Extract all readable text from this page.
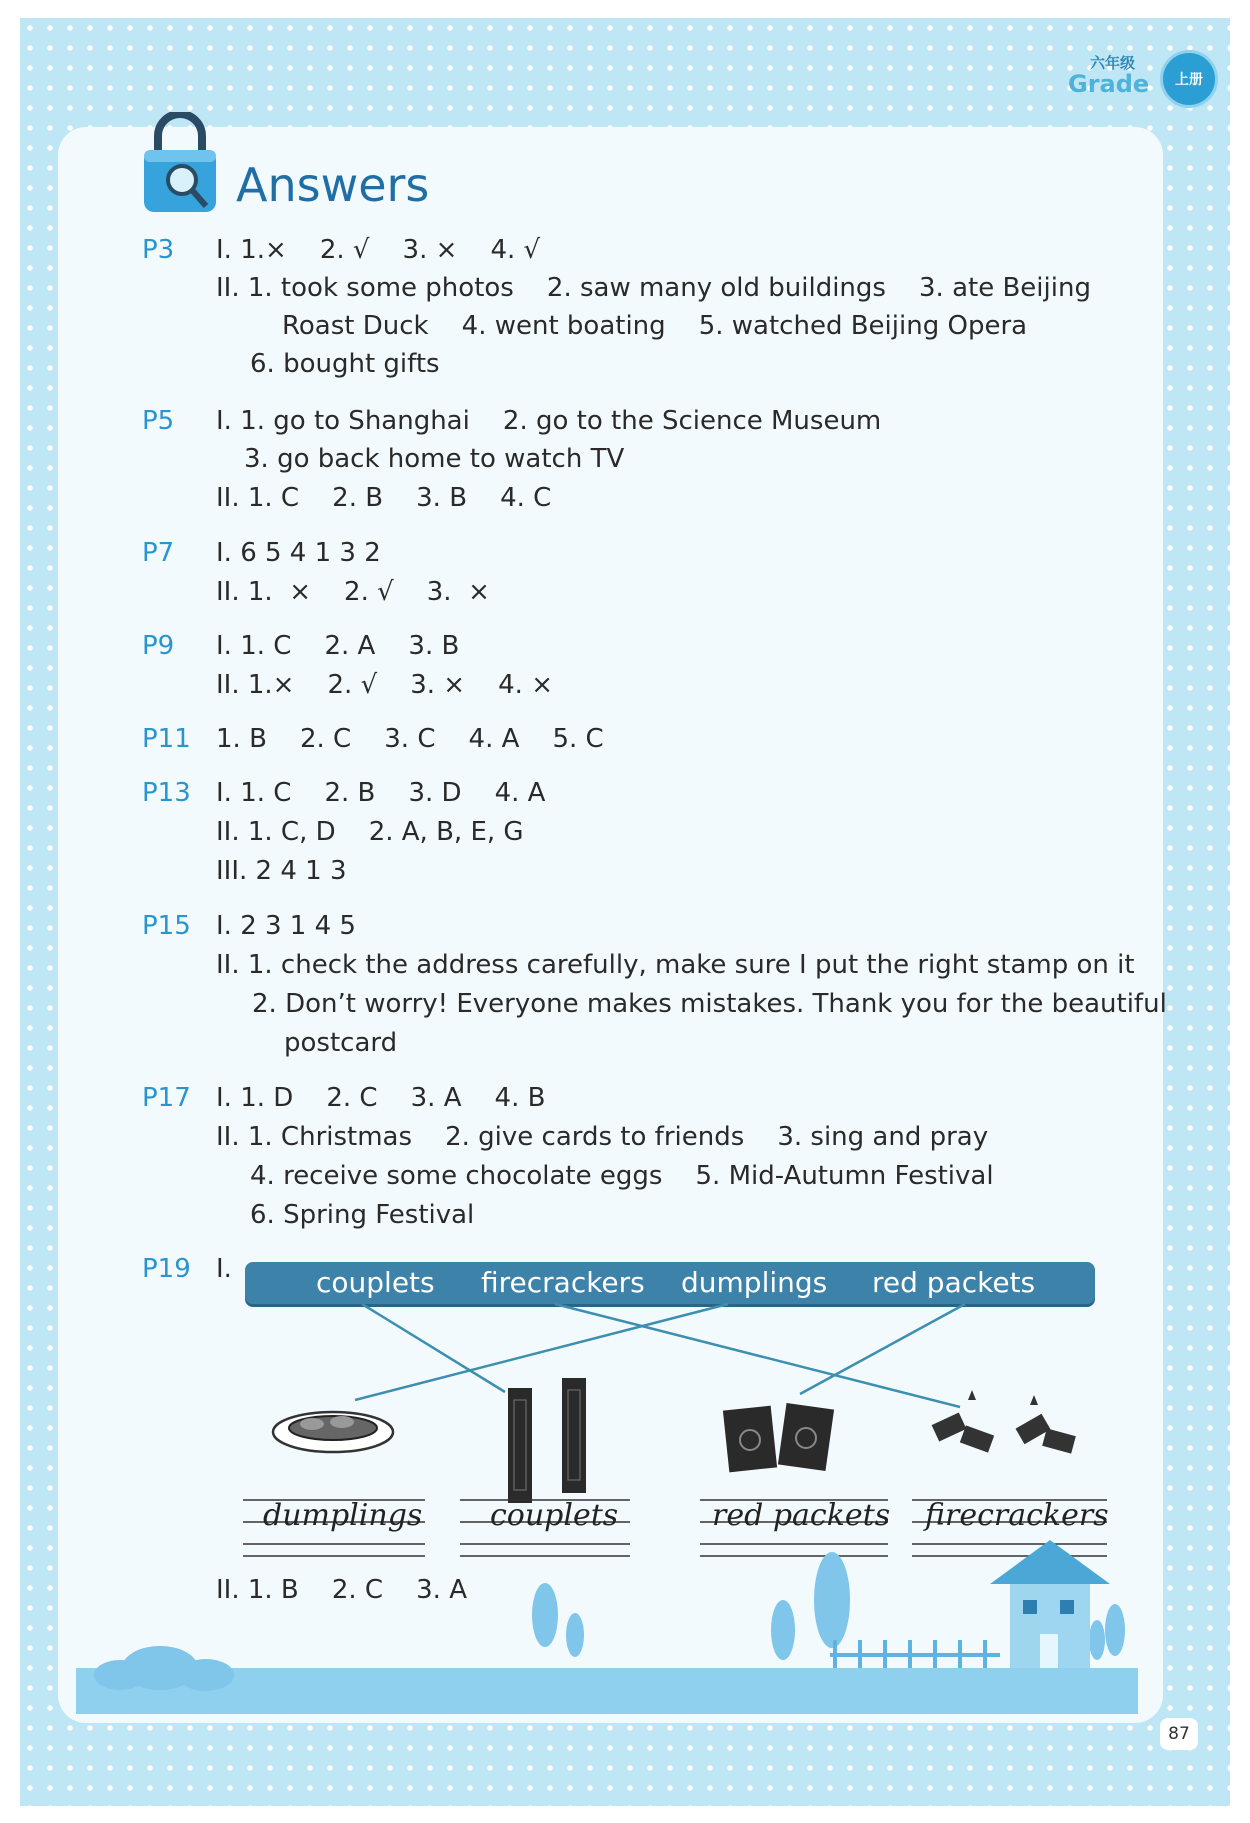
六年级
Grade	上册
Answers
P3 I. 1.×    2. √    3. ×    4. √
II. 1. took some photos    2. saw many old buildings    3. ate Beijing
Roast Duck    4. went boating    5. watched Beijing Opera
6. bought gifts
P5 I. 1. go to Shanghai    2. go to the Science Museum
3. go back home to watch TV
II. 1. C    2. B    3. B    4. C
P7 I. 6 5 4 1 3 2
II. 1.  ×    2. √    3.  ×
P9 I. 1. C    2. A    3. B
II. 1.×    2. √    3. ×    4. ×
P11 1. B    2. C    3. C    4. A    5. C
P13 I. 1. C    2. B    3. D    4. A
II. 1. C, D    2. A, B, E, G
III. 2 4 1 3
P15 I. 2 3 1 4 5
II. 1. check the address carefully, make sure I put the right stamp on it
2. Don’t worry! Everyone makes mistakes. Thank you for the beautiful
postcard
P17 I. 1. D    2. C    3. A    4. B
II. 1. Christmas    2. give cards to friends    3. sing and pray
4. receive some chocolate eggs    5. Mid-Autumn Festival
6. Spring Festival
P19 I.	couplets firecrackers dumplings red packets
dumplings couplets	red packets firecrackers
II. 1. B    2. C    3. A
87
